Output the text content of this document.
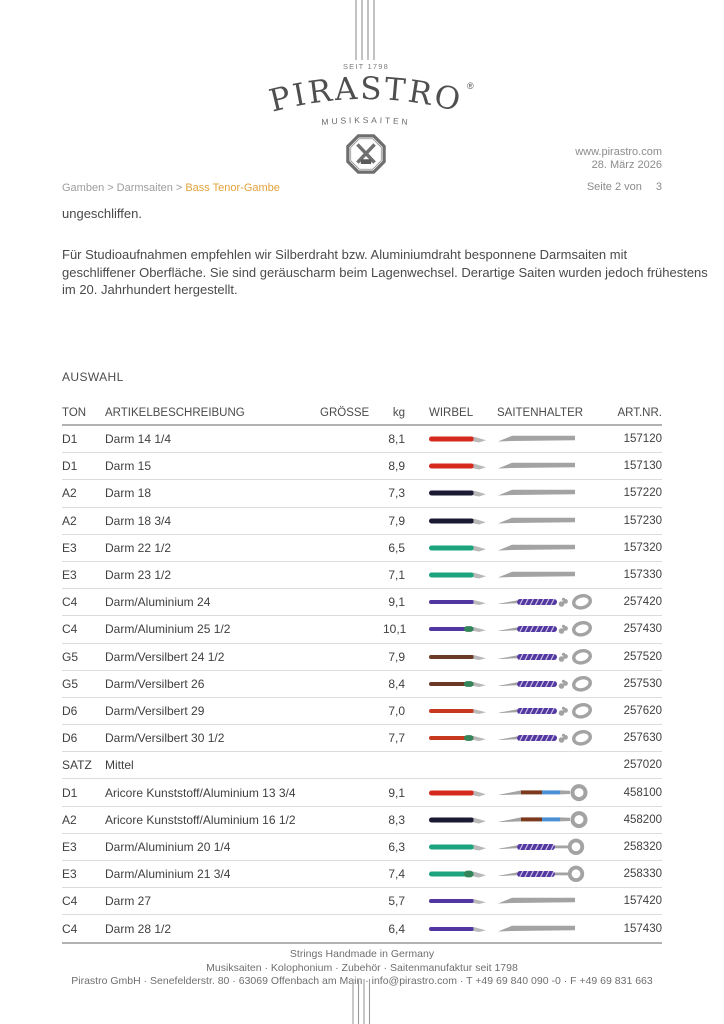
SEIT 1798
PIRASTRO ®
MUSIKSAITEN
www.pirastro.com
28. März 2026
Seite 2 von 3
Gamben > Darmsaiten > Bass Tenor-Gambe
ungeschliffen.
Für Studioaufnahmen empfehlen wir Silberdraht bzw. Aluminiumdraht besponnene Darmsaiten mit
geschliffener Oberfläche. Sie sind geräuscharm beim Lagenwechsel. Derartige Saiten wurden jedoch frühestens
im 20. Jahrhundert hergestellt.
AUSWAHL
TON	ARTIKELBESCHREIBUNG	GRÖSSE	kg	WIRBEL	SAITENHALTER	ART.NR.
D1	Darm 14 1/4	8,1	157120
D1	Darm 15	8,9	157130
A2	Darm 18	7,3	157220
A2	Darm 18 3/4	7,9	157230
E3	Darm 22 1/2	6,5	157320
E3	Darm 23 1/2	7,1	157330
C4	Darm/Aluminium 24	9,1	257420
C4	Darm/Aluminium 25 1/2	10,1	257430
G5	Darm/Versilbert 24 1/2	7,9	257520
G5	Darm/Versilbert 26	8,4	257530
D6	Darm/Versilbert 29	7,0	257620
D6	Darm/Versilbert 30 1/2	7,7	257630
SATZ	Mittel	257020
D1	Aricore Kunststoff/Aluminium 13 3/4	9,1	458100
A2	Aricore Kunststoff/Aluminium 16 1/2	8,3	458200
E3	Darm/Aluminium 20 1/4	6,3	258320
E3	Darm/Aluminium 21 3/4	7,4	258330
C4	Darm 27	5,7	157420
C4	Darm 28 1/2	6,4	157430
Strings Handmade in Germany
Musiksaiten · Kolophonium · Zubehör · Saitenmanufaktur seit 1798
Pirastro GmbH · Senefelderstr. 80 · 63069 Offenbach am Main · info@pirastro.com · T +49 69 840 090 -0 · F +49 69 831 663
